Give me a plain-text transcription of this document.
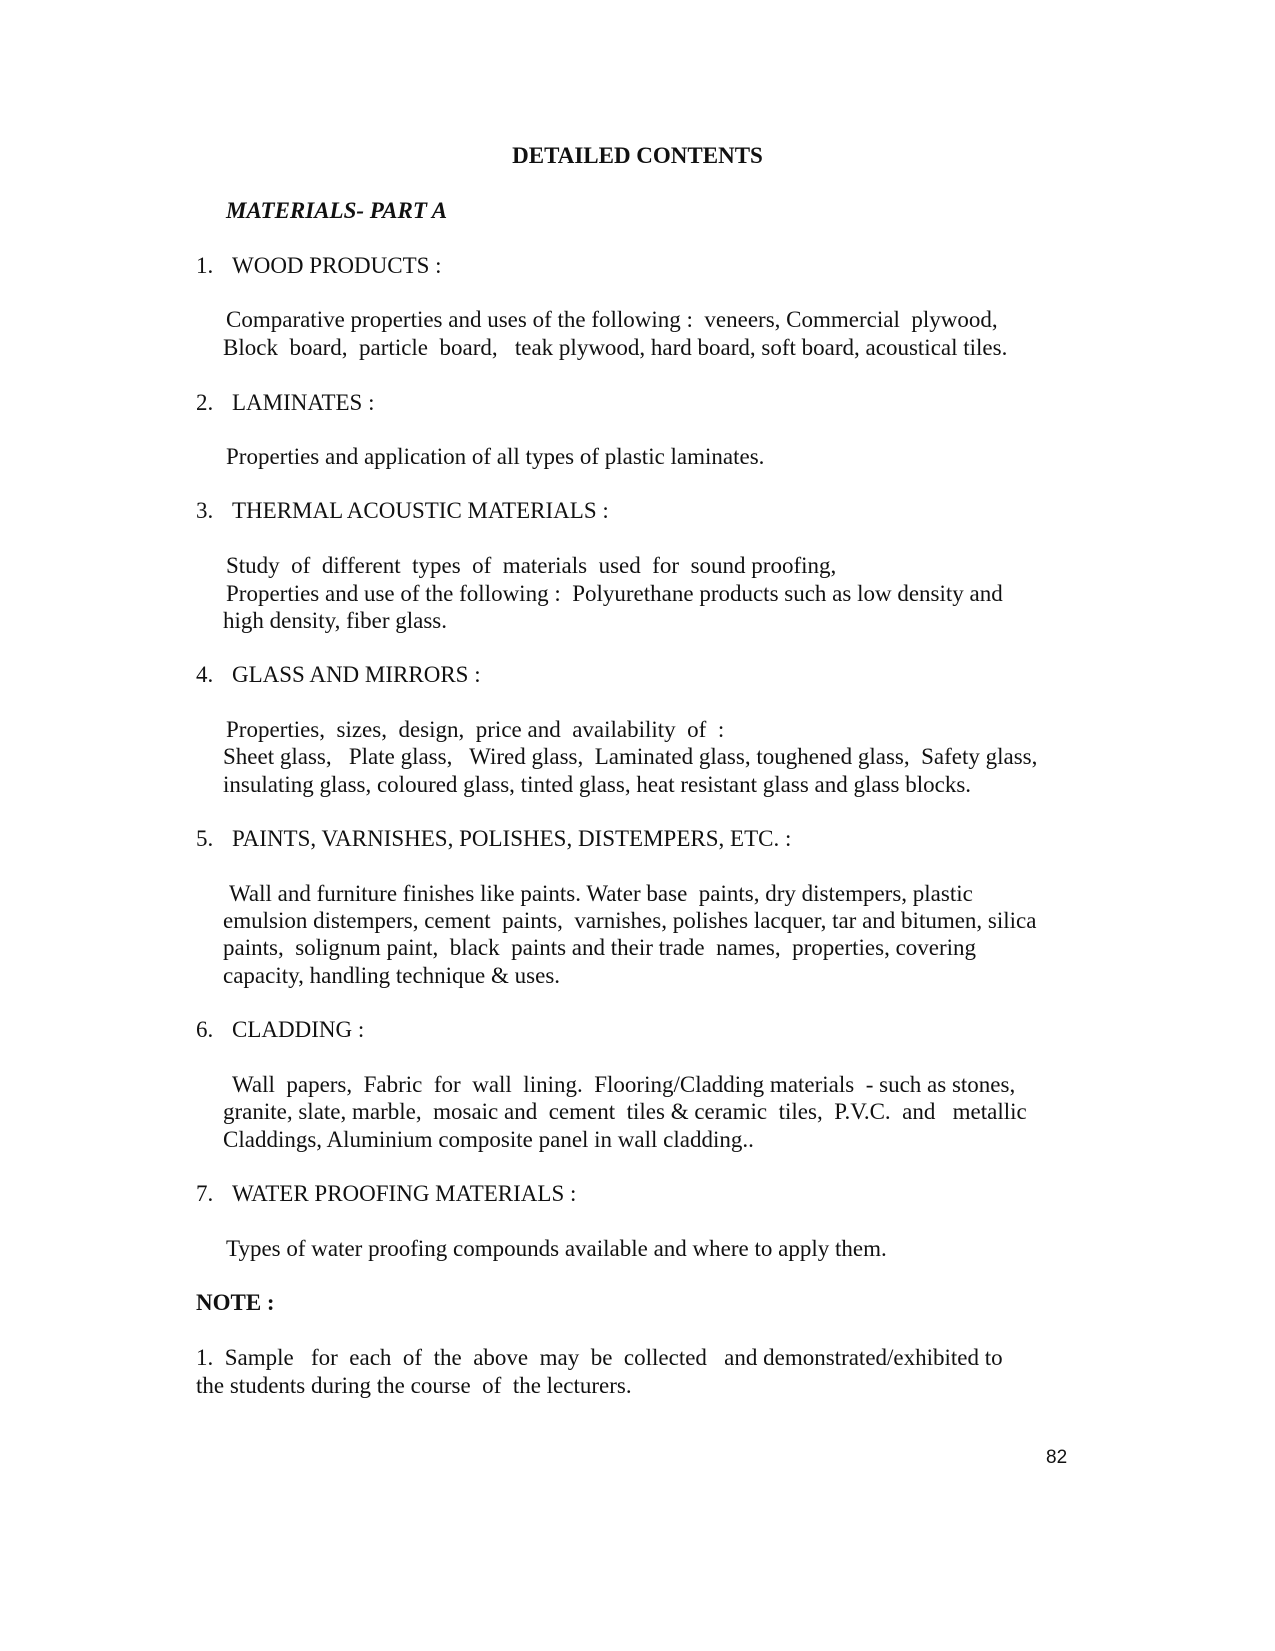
DETAILED CONTENTS
MATERIALS- PART A
1. WOOD PRODUCTS :
Comparative properties and uses of the following :  veneers, Commercial  plywood,
Block  board,  particle  board,   teak plywood, hard board, soft board, acoustical tiles.
2. LAMINATES :
Properties and application of all types of plastic laminates.
3. THERMAL ACOUSTIC MATERIALS :
Study  of  different  types  of  materials  used  for  sound proofing,
Properties and use of the following :  Polyurethane products such as low density and
high density, fiber glass.
4. GLASS AND MIRRORS :
Properties,  sizes,  design,  price and  availability  of  :
Sheet glass,   Plate glass,   Wired glass,  Laminated glass, toughened glass,  Safety glass,
insulating glass, coloured glass, tinted glass, heat resistant glass and glass blocks.
5. PAINTS, VARNISHES, POLISHES, DISTEMPERS, ETC. :
Wall and furniture finishes like paints. Water base  paints, dry distempers, plastic
emulsion distempers, cement  paints,  varnishes, polishes lacquer, tar and bitumen, silica
paints,  solignum paint,  black  paints and their trade  names,  properties, covering
capacity, handling technique & uses.
6. CLADDING :
Wall  papers,  Fabric  for  wall  lining.  Flooring/Cladding materials  - such as stones,
granite, slate, marble,  mosaic and  cement  tiles & ceramic  tiles,  P.V.C.  and   metallic
Claddings, Aluminium composite panel in wall cladding..
7. WATER PROOFING MATERIALS :
Types of water proofing compounds available and where to apply them.
NOTE :
1.  Sample   for  each  of  the  above  may  be  collected   and demonstrated/exhibited to
the students during the course  of  the lecturers.
82
